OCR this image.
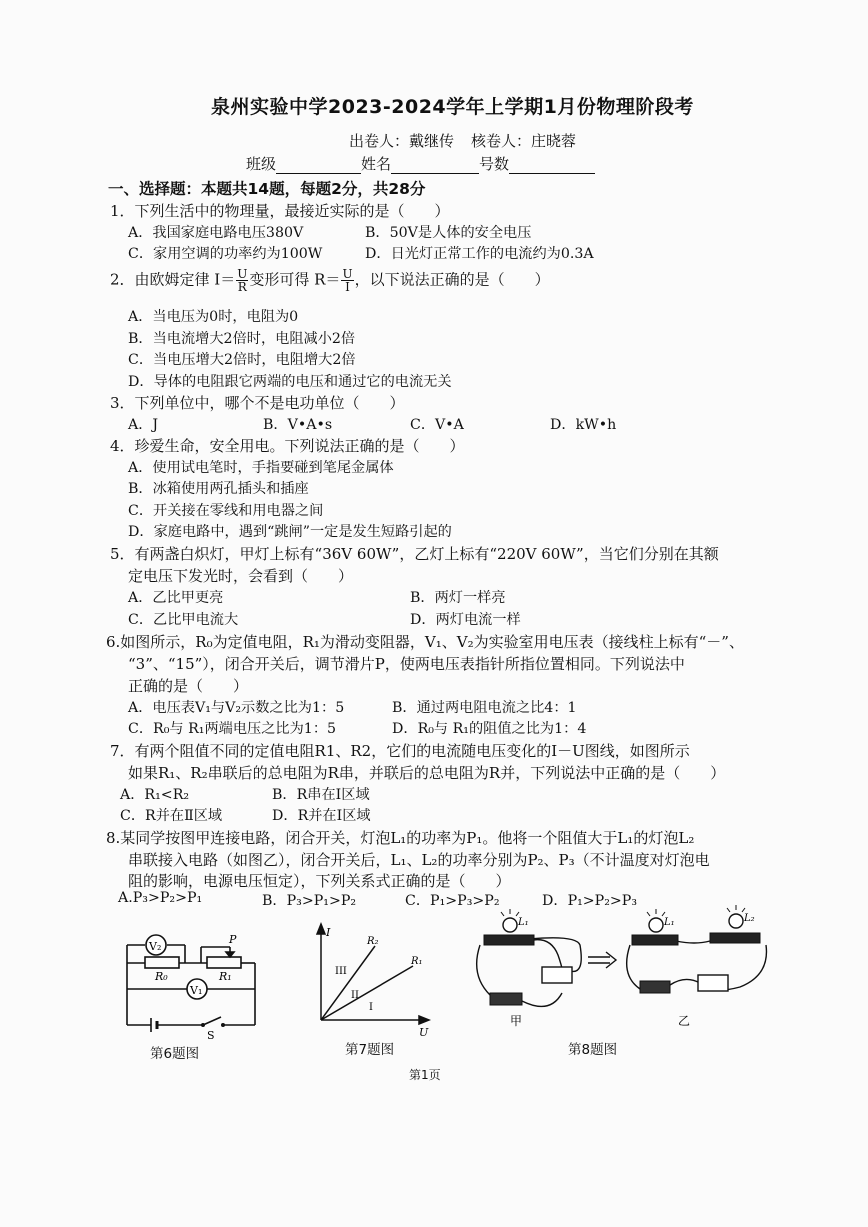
泉州实验中学2023-2024学年上学期1月份物理阶段考
出卷人：戴继传 核卷人：庄晓蓉
班级	姓名	号数
一、选择题：本题共14题，每题2分，共28分
1．下列生活中的物理量，最接近实际的是（　　）
A．我国家庭电路电压380V	B．50V是人体的安全电压
C．家用空调的功率约为100W	D．日光灯正常工作的电流约为0.3A
2．由欧姆定律 $I= \frac{U}{R}$ 变形可得 $R= \frac{U}{I}$ ，以下说法正确的是（　　）
A．当电压为0时，电阻为0
B．当电流增大2倍时，电阻减小2倍
C．当电压增大2倍时，电阻增大2倍
D．导体的电阻跟它两端的电压和通过它的电流无关
3．下列单位中，哪个不是电功单位（　　）
A．J	B．V•A•s	C．V•A	D．kW•h
4．珍爱生命，安全用电。下列说法正确的是（　　）
A．使用试电笔时，手指要碰到笔尾金属体
B．冰箱使用两孔插头和插座
C．开关接在零线和用电器之间
D．家庭电路中，遇到“跳闸”一定是发生短路引起的
5．有两盏白炽灯，甲灯上标有“36V 60W”，乙灯上标有“220V 60W”，当它们分别在其额
定电压下发光时，会看到（　　）
A．乙比甲更亮	B．两灯一样亮
C．乙比甲电流大	D．两灯电流一样
6.如图所示，R₀为定值电阻，R₁为滑动变阻器，V₁、V₂为实验室用电压表（接线柱上标有“－”、
“3”、“15”），闭合开关后，调节滑片P，使两电压表指针所指位置相同。下列说法中
正确的是（　　）
A．电压表V₁与V₂示数之比为1：5	B．通过两电阻电流之比4：1
C．R₀与 R₁两端电压之比为1：5	D．R₀与 R₁的阻值之比为1：4
7．有两个阻值不同的定值电阻R1、R2，它们的电流随电压变化的I－U图线，如图所示
如果R₁、R₂串联后的总电阻为R串，并联后的总电阻为R并，下列说法中正确的是（　　）
A．R₁<R₂	B．R串在Ⅰ区域
C．R并在Ⅱ区域	D．R并在Ⅰ区域
8.某同学按图甲连接电路，闭合开关，灯泡L₁的功率为P₁。他将一个阻值大于L₁的灯泡L₂
串联接入电路（如图乙），闭合开关后，L₁、L₂的功率分别为P₂、P₃（不计温度对灯泡电
阻的影响，电源电压恒定），下列关系式正确的是（　　）
A.P₃>P₂>P₁	B．P₃>P₁>P₂	C．P₁>P₃>P₂	D．P₁>P₂>P₃
V₂
V₁
R₀	R₁
P
S
第6题图
I
U
R₂
R₁
III
II
I
第7题图
L₁
甲
L₁	L₂
乙
第8题图
第1页
